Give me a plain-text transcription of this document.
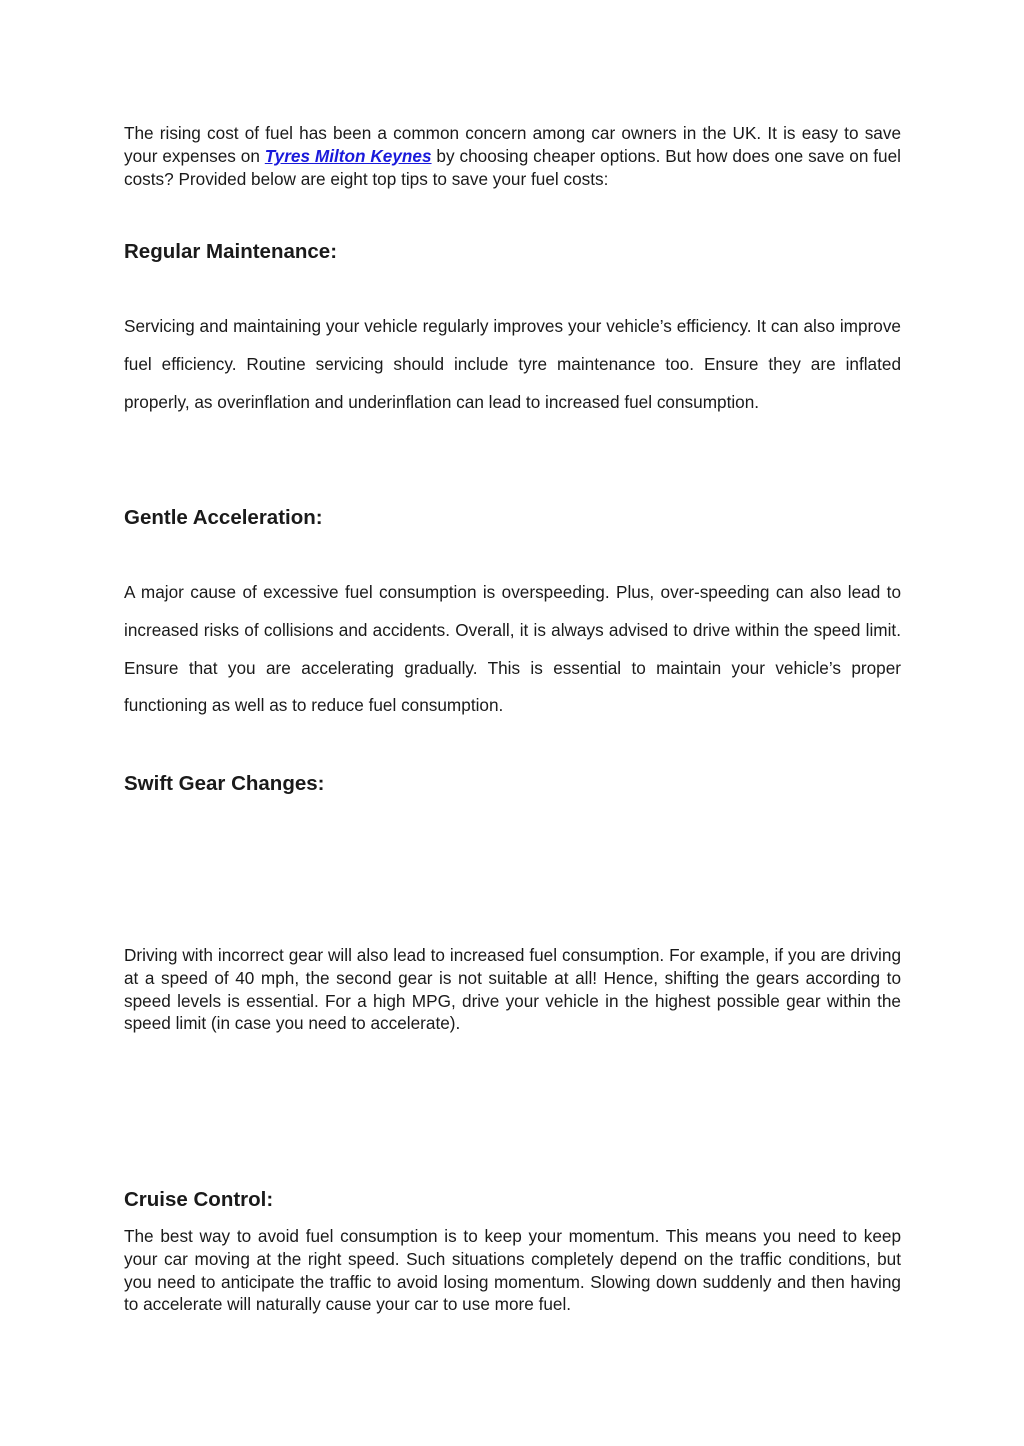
The rising cost of fuel has been a common concern among car owners in the UK. It is easy to save your expenses on Tyres Milton Keynes by choosing cheaper options. But how does one save on fuel costs? Provided below are eight top tips to save your fuel costs:

Regular Maintenance:

Servicing and maintaining your vehicle regularly improves your vehicle’s efficiency. It can also improve fuel efficiency. Routine servicing should include tyre maintenance too. Ensure they are inflated properly, as overinflation and underinflation can lead to increased fuel consumption.

Gentle Acceleration:

A major cause of excessive fuel consumption is overspeeding. Plus, over-speeding can also lead to increased risks of collisions and accidents. Overall, it is always advised to drive within the speed limit. Ensure that you are accelerating gradually. This is essential to maintain your vehicle’s proper functioning as well as to reduce fuel consumption.

Swift Gear Changes:

Driving with incorrect gear will also lead to increased fuel consumption. For example, if you are driving at a speed of 40 mph, the second gear is not suitable at all! Hence, shifting the gears according to speed levels is essential. For a high MPG, drive your vehicle in the highest possible gear within the speed limit (in case you need to accelerate).

Cruise Control:

The best way to avoid fuel consumption is to keep your momentum. This means you need to keep your car moving at the right speed. Such situations completely depend on the traffic conditions, but you need to anticipate the traffic to avoid losing momentum. Slowing down suddenly and then having to accelerate will naturally cause your car to use more fuel.
